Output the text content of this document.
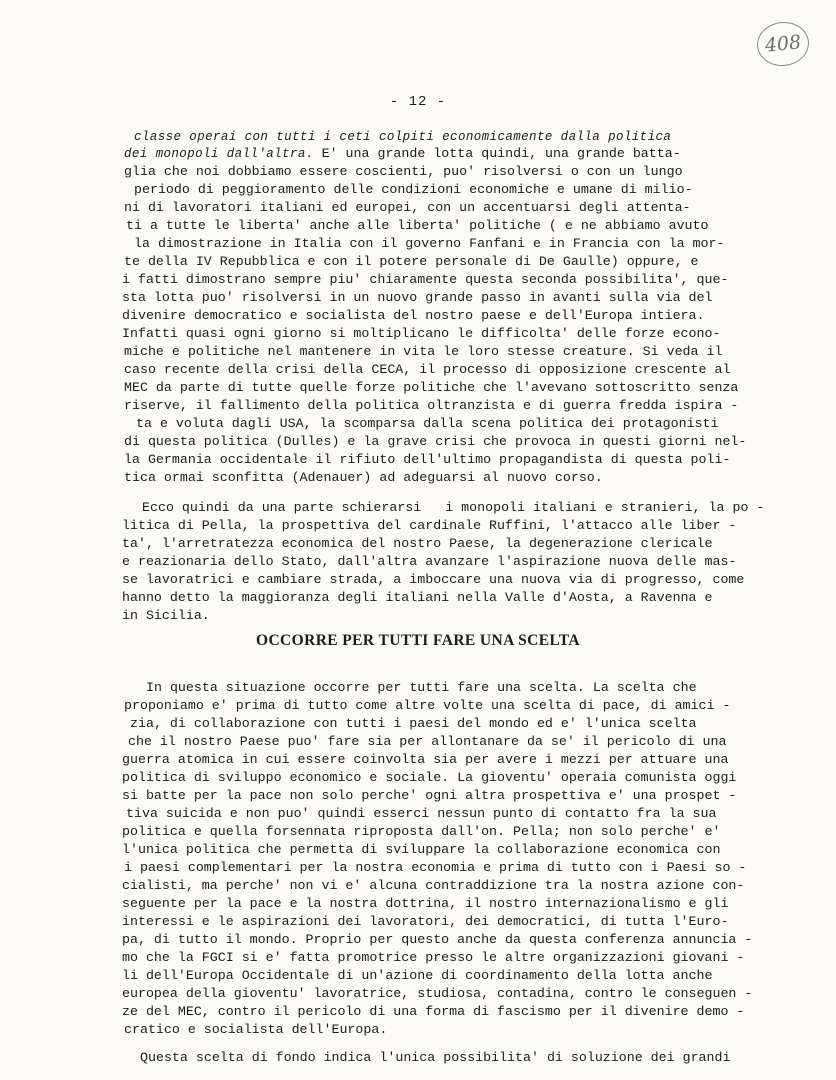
408
- 12 -
classe operai con tutti i ceti colpiti economicamente dalla politica
dei monopoli dall'altra. E' una grande lotta quindi, una grande batta-
glia che noi dobbiamo essere coscienti, puo' risolversi o con un lungo
periodo di peggioramento delle condizioni economiche e umane di milio-
ni di lavoratori italiani ed europei, con un accentuarsi degli attenta-
ti a tutte le liberta' anche alle liberta' politiche ( e ne abbiamo avuto
la dimostrazione in Italia con il governo Fanfani e in Francia con la mor-
te della IV Repubblica e con il potere personale di De Gaulle) oppure, e
i fatti dimostrano sempre piu' chiaramente questa seconda possibilita', que-
sta lotta puo' risolversi in un nuovo grande passo in avanti sulla via del
divenire democratico e socialista del nostro paese e dell'Europa intiera.
Infatti quasi ogni giorno si moltiplicano le difficolta' delle forze econo-
miche e politiche nel mantenere in vita le loro stesse creature. Si veda il
caso recente della crisi della CECA, il processo di opposizione crescente al
MEC da parte di tutte quelle forze politiche che l'avevano sottoscritto senza
riserve, il fallimento della politica oltranzista e di guerra fredda ispira -
ta e voluta dagli USA, la scomparsa dalla scena politica dei protagonisti
di questa politica (Dulles) e la grave crisi che provoca in questi giorni nel-
la Germania occidentale il rifiuto dell'ultimo propagandista di questa poli-
tica ormai sconfitta (Adenauer) ad adeguarsi al nuovo corso.
Ecco quindi da una parte schierarsi   i monopoli italiani e stranieri, la po -
litica di Pella, la prospettiva del cardinale Ruffini, l'attacco alle liber -
ta', l'arretratezza economica del nostro Paese, la degenerazione clericale
e reazionaria dello Stato, dall'altra avanzare l'aspirazione nuova delle mas-
se lavoratrici e cambiare strada, a imboccare una nuova via di progresso, come
hanno detto la maggioranza degli italiani nella Valle d'Aosta, a Ravenna e
in Sicilia.
OCCORRE PER TUTTI FARE UNA SCELTA
In questa situazione occorre per tutti fare una scelta. La scelta che
proponiamo e' prima di tutto come altre volte una scelta di pace, di amici -
zia, di collaborazione con tutti i paesi del mondo ed e' l'unica scelta
che il nostro Paese puo' fare sia per allontanare da se' il pericolo di una
guerra atomica in cui essere coinvolta sia per avere i mezzi per attuare una
politica di sviluppo economico e sociale. La gioventu' operaia comunista oggi
si batte per la pace non solo perche' ogni altra prospettiva e' una prospet -
tiva suicida e non puo' quindi esserci nessun punto di contatto fra la sua
politica e quella forsennata riproposta dall'on. Pella; non solo perche' e'
l'unica politica che permetta di sviluppare la collaborazione economica con
i paesi complementari per la nostra economia e prima di tutto con i Paesi so -
cialisti, ma perche' non vi e' alcuna contraddizione tra la nostra azione con-
seguente per la pace e la nostra dottrina, il nostro internazionalismo e gli
interessi e le aspirazioni dei lavoratori, dei democratici, di tutta l'Euro-
pa, di tutto il mondo. Proprio per questo anche da questa conferenza annuncia -
mo che la FGCI si e' fatta promotrice presso le altre organizzazioni giovani -
li dell'Europa Occidentale di un'azione di coordinamento della lotta anche
europea della gioventu' lavoratrice, studiosa, contadina, contro le conseguen -
ze del MEC, contro il pericolo di una forma di fascismo per il divenire demo -
cratico e socialista dell'Europa.
Questa scelta di fondo indica l'unica possibilita' di soluzione dei grandi
